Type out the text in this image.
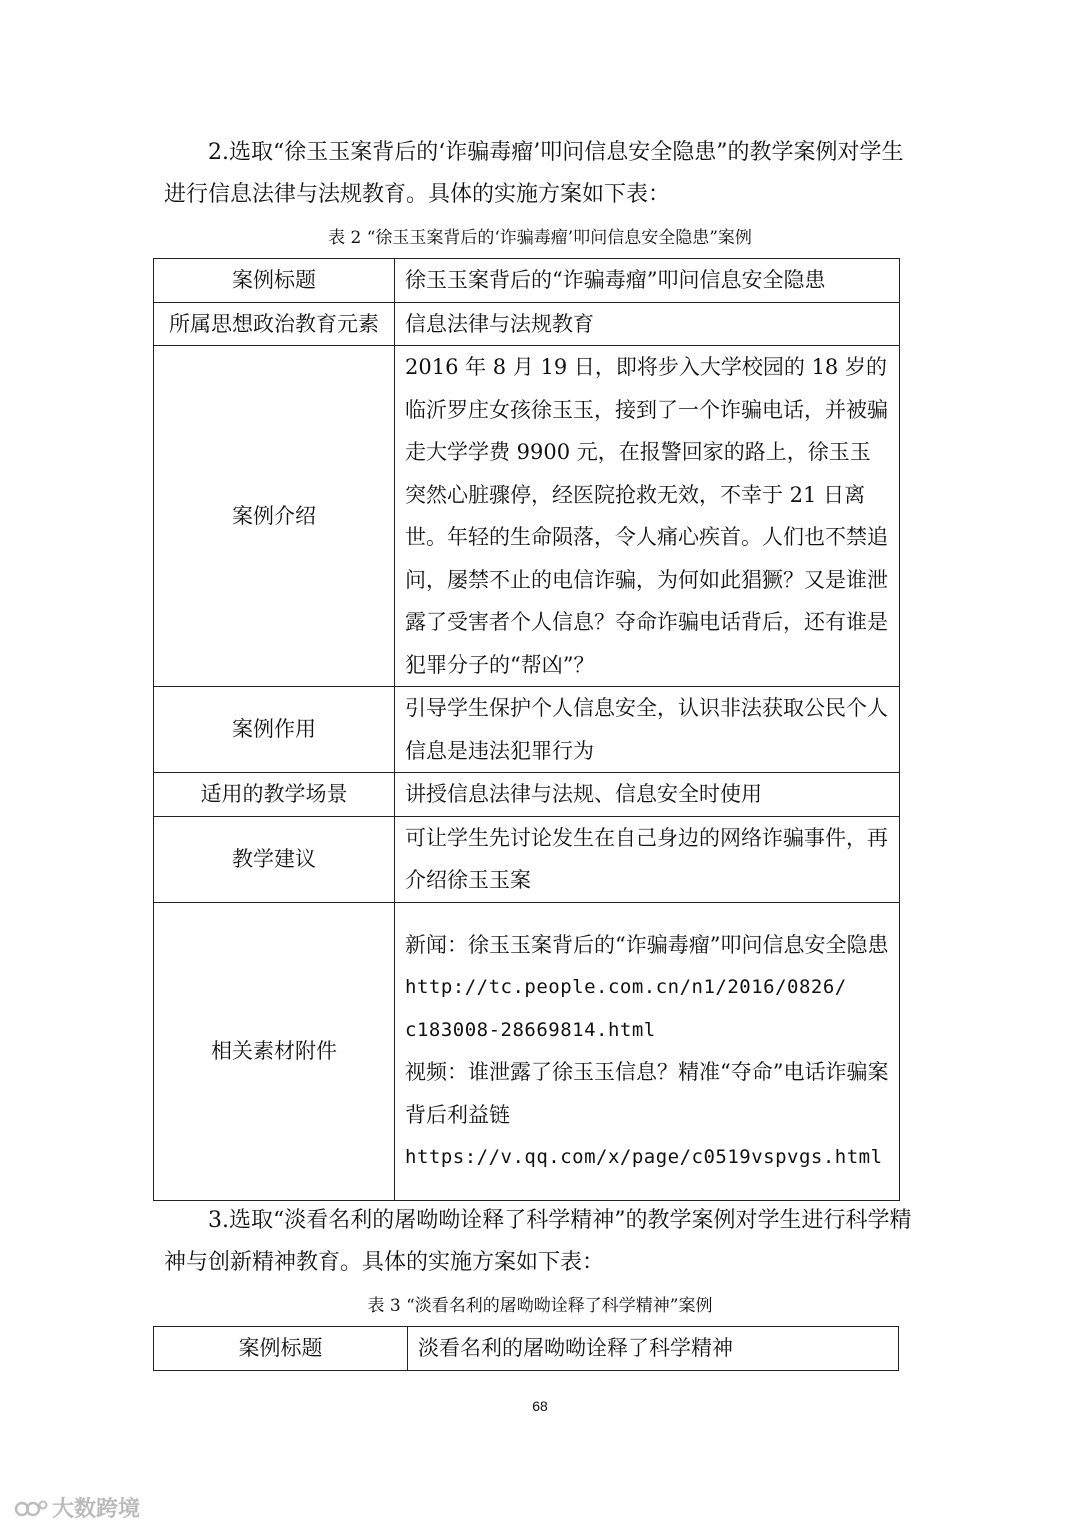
2.选取“徐玉玉案背后的‘诈骗毒瘤’叩问信息安全隐患”的教学案例对学生进行信息法律与法规教育。具体的实施方案如下表：

表 2 “徐玉玉案背后的‘诈骗毒瘤’叩问信息安全隐患”案例
案例标题	徐玉玉案背后的“诈骗毒瘤”叩问信息安全隐患
所属思想政治教育元素	信息法律与法规教育
案例介绍	2016 年 8 月 19 日，即将步入大学校园的 18 岁的临沂罗庄女孩徐玉玉，接到了一个诈骗电话，并被骗走大学学费 9900 元，在报警回家的路上，徐玉玉突然心脏骤停，经医院抢救无效，不幸于 21 日离世。年轻的生命陨落，令人痛心疾首。人们也不禁追问，屡禁不止的电信诈骗，为何如此猖獗？又是谁泄露了受害者个人信息？夺命诈骗电话背后，还有谁是犯罪分子的“帮凶”？
案例作用	引导学生保护个人信息安全，认识非法获取公民个人信息是违法犯罪行为
适用的教学场景	讲授信息法律与法规、信息安全时使用
教学建议	可让学生先讨论发生在自己身边的网络诈骗事件，再介绍徐玉玉案
相关素材附件	新闻：徐玉玉案背后的“诈骗毒瘤”叩问信息安全隐患
http://tc.people.com.cn/n1/2016/0826/
c183008-28669814.html
视频：谁泄露了徐玉玉信息？精准“夺命”电话诈骗案背后利益链
https://v.qq.com/x/page/c0519vspvgs.html

3.选取“淡看名利的屠呦呦诠释了科学精神”的教学案例对学生进行科学精神与创新精神教育。具体的实施方案如下表：

表 3 “淡看名利的屠呦呦诠释了科学精神”案例
案例标题	淡看名利的屠呦呦诠释了科学精神
68
大数跨境
